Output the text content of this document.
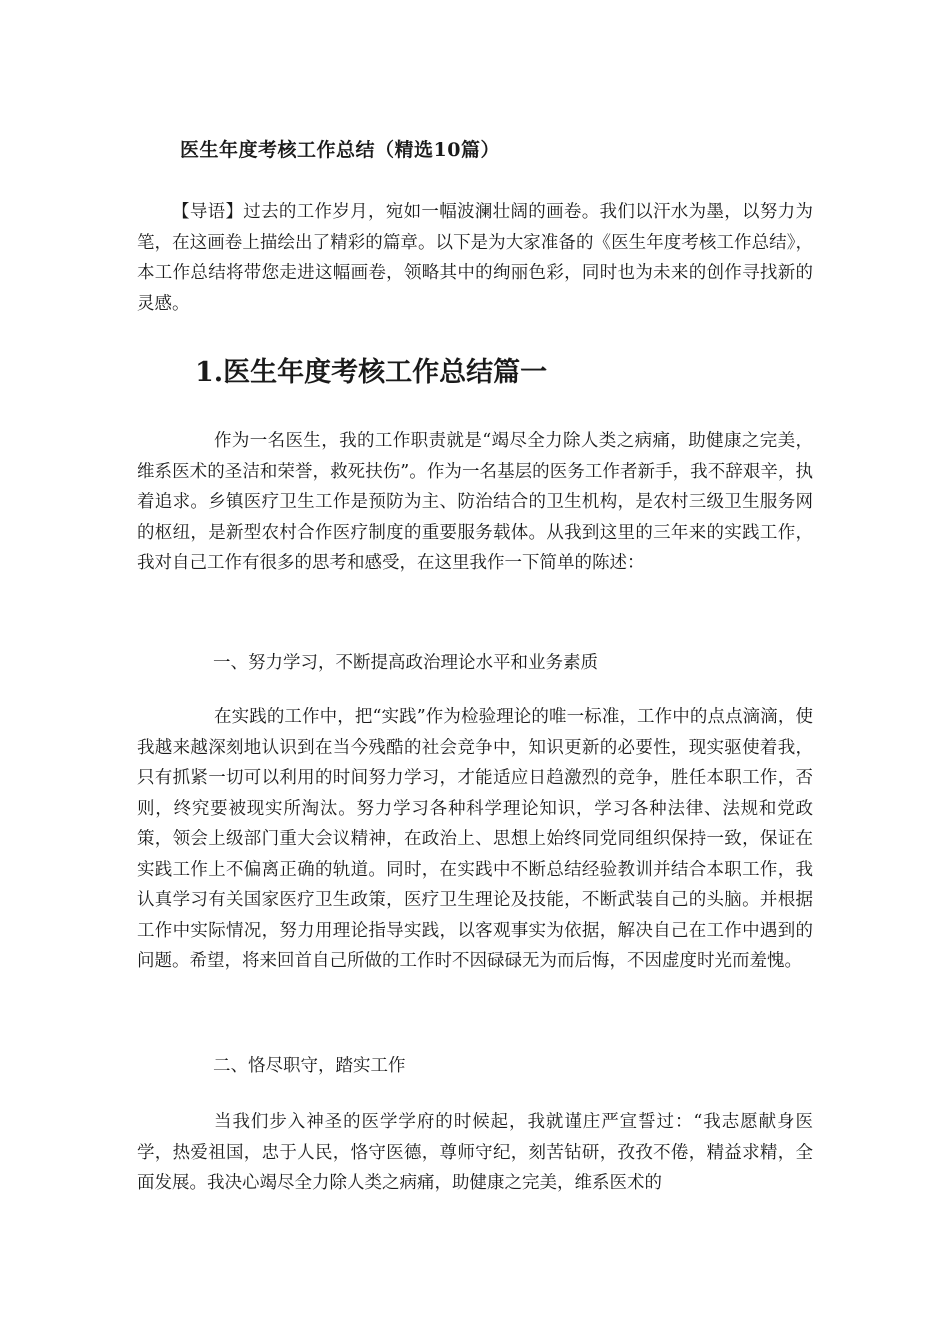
医生年度考核工作总结（精选10篇）

【导语】过去的工作岁月，宛如一幅波澜壮阔的画卷。我们以汗水为墨，以努力为笔，在这画卷上描绘出了精彩的篇章。以下是为大家准备的《医生年度考核工作总结》，本工作总结将带您走进这幅画卷，领略其中的绚丽色彩，同时也为未来的创作寻找新的灵感。

1.医生年度考核工作总结篇一

作为一名医生，我的工作职责就是“竭尽全力除人类之病痛，助健康之完美，维系医术的圣洁和荣誉，救死扶伤”。作为一名基层的医务工作者新手，我不辞艰辛，执着追求。乡镇医疗卫生工作是预防为主、防治结合的卫生机构，是农村三级卫生服务网的枢纽，是新型农村合作医疗制度的重要服务载体。从我到这里的三年来的实践工作，我对自己工作有很多的思考和感受，在这里我作一下简单的陈述：

一、努力学习，不断提高政治理论水平和业务素质

在实践的工作中，把“实践”作为检验理论的唯一标准，工作中的点点滴滴，使我越来越深刻地认识到在当今残酷的社会竞争中，知识更新的必要性，现实驱使着我，只有抓紧一切可以利用的时间努力学习，才能适应日趋激烈的竞争，胜任本职工作，否则，终究要被现实所淘汰。努力学习各种科学理论知识，学习各种法律、法规和党政策，领会上级部门重大会议精神，在政治上、思想上始终同党同组织保持一致，保证在实践工作上不偏离正确的轨道。同时，在实践中不断总结经验教训并结合本职工作，我认真学习有关国家医疗卫生政策，医疗卫生理论及技能，不断武装自己的头脑。并根据工作中实际情况，努力用理论指导实践，以客观事实为依据，解决自己在工作中遇到的问题。希望，将来回首自己所做的工作时不因碌碌无为而后悔，不因虚度时光而羞愧。

二、恪尽职守，踏实工作

当我们步入神圣的医学学府的时候起，我就谨庄严宣誓过：“我志愿献身医学，热爱祖国，忠于人民，恪守医德，尊师守纪，刻苦钻研，孜孜不倦，精益求精，全面发展。我决心竭尽全力除人类之病痛，助健康之完美，维系医术的
